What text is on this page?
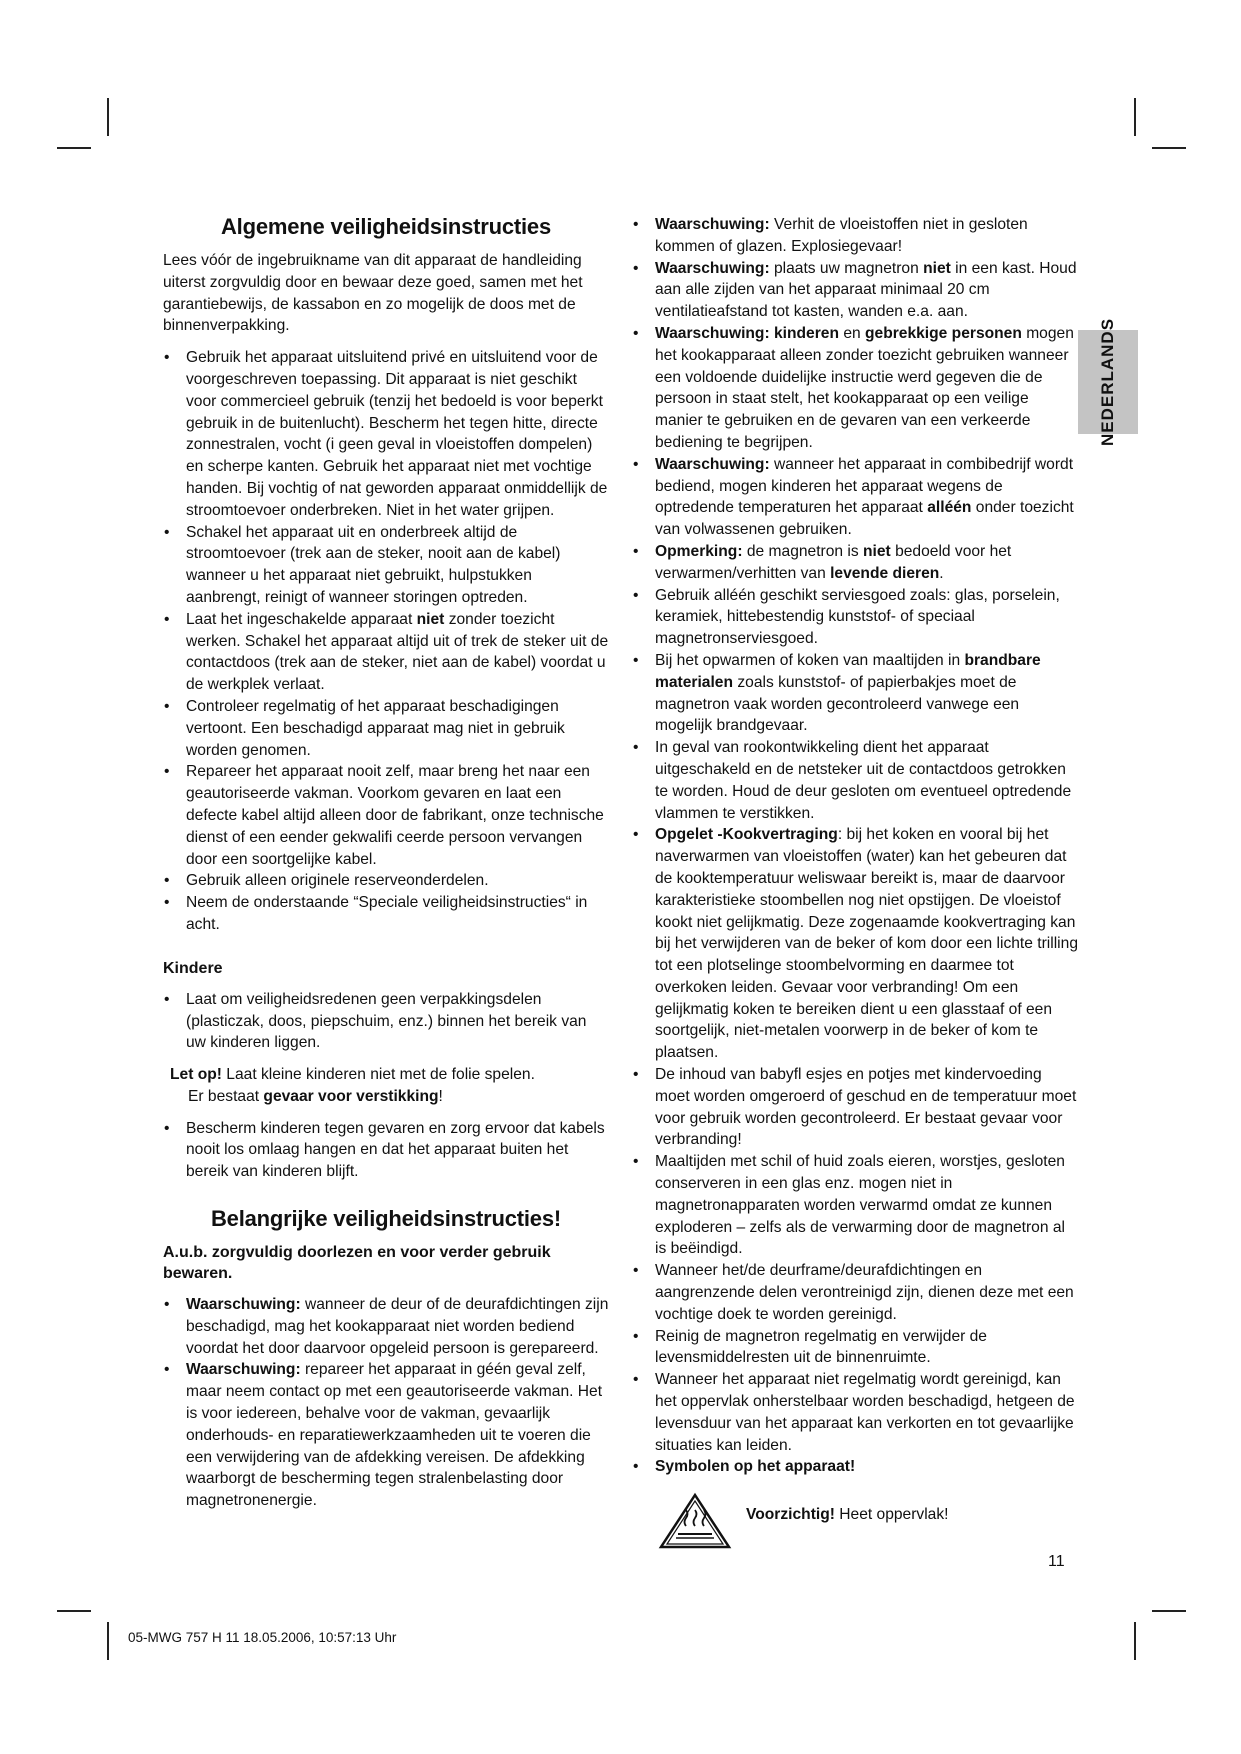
NEDERLANDS
Algemene veiligheidsinstructies

Lees vóór de ingebruikname van dit apparaat de handleiding uiterst zorgvuldig door en bewaar deze goed, samen met het garantiebewijs, de kassabon en zo mogelijk de doos met de binnenverpakking.

• Gebruik het apparaat uitsluitend privé en uitsluitend voor de voorgeschreven toepassing. Dit apparaat is niet geschikt voor commercieel gebruik (tenzij het bedoeld is voor beperkt gebruik in de buitenlucht). Bescherm het tegen hitte, directe zonnestralen, vocht (i geen geval in vloeistoffen dompelen) en scherpe kanten. Gebruik het apparaat niet met vochtige handen. Bij vochtig of nat geworden apparaat onmiddellijk de stroomtoevoer onderbreken. Niet in het water grijpen.
• Schakel het apparaat uit en onderbreek altijd de stroomtoevoer (trek aan de steker, nooit aan de kabel) wanneer u het apparaat niet gebruikt, hulpstukken aanbrengt, reinigt of wanneer storingen optreden.
• Laat het ingeschakelde apparaat niet zonder toezicht werken. Schakel het apparaat altijd uit of trek de steker uit de contactdoos (trek aan de steker, niet aan de kabel) voordat u de werkplek verlaat.
• Controleer regelmatig of het apparaat beschadigingen vertoont. Een beschadigd apparaat mag niet in gebruik worden genomen.
• Repareer het apparaat nooit zelf, maar breng het naar een geautoriseerde vakman. Voorkom gevaren en laat een defecte kabel altijd alleen door de fabrikant, onze technische dienst of een eender gekwalifi ceerde persoon vervangen door een soortgelijke kabel.
• Gebruik alleen originele reserveonderdelen.
• Neem de onderstaande “Speciale veiligheidsinstructies“ in acht.
Kindere
• Laat om veiligheidsredenen geen verpakkingsdelen (plasticzak, doos, piepschuim, enz.) binnen het bereik van uw kinderen liggen.

Let op! Laat kleine kinderen niet met de folie spelen.
Er bestaat gevaar voor verstikking!

• Bescherm kinderen tegen gevaren en zorg ervoor dat kabels nooit los omlaag hangen en dat het apparaat buiten het bereik van kinderen blijft.
Belangrijke veiligheidsinstructies!
A.u.b. zorgvuldig doorlezen en voor verder gebruik bewaren.
• Waarschuwing: wanneer de deur of de deurafdichtingen zijn beschadigd, mag het kookapparaat niet worden bediend voordat het door daarvoor opgeleid persoon is gerepareerd.
• Waarschuwing: repareer het apparaat in géén geval zelf, maar neem contact op met een geautoriseerde vakman. Het is voor iedereen, behalve voor de vakman, gevaarlijk onderhouds- en reparatiewerkzaamheden uit te voeren die een verwijdering van de afdekking vereisen. De afdekking waarborgt de bescherming tegen stralenbelasting door magnetronenergie.
• Waarschuwing: Verhit de vloeistoffen niet in gesloten kommen of glazen. Explosiegevaar!
• Waarschuwing: plaats uw magnetron niet in een kast. Houd aan alle zijden van het apparaat minimaal 20 cm ventilatieafstand tot kasten, wanden e.a. aan.
• Waarschuwing: kinderen en gebrekkige personen mogen het kookapparaat alleen zonder toezicht gebruiken wanneer een voldoende duidelijke instructie werd gegeven die de persoon in staat stelt, het kookapparaat op een veilige manier te gebruiken en de gevaren van een verkeerde bediening te begrijpen.
• Waarschuwing: wanneer het apparaat in combibedrijf wordt bediend, mogen kinderen het apparaat wegens de optredende temperaturen het apparaat alléén onder toezicht van volwassenen gebruiken.
• Opmerking: de magnetron is niet bedoeld voor het verwarmen/verhitten van levende dieren.
• Gebruik alléén geschikt serviesgoed zoals: glas, porselein, keramiek, hittebestendig kunststof- of speciaal magnetronserviesgoed.
• Bij het opwarmen of koken van maaltijden in brandbare materialen zoals kunststof- of papierbakjes moet de magnetron vaak worden gecontroleerd vanwege een mogelijk brandgevaar.
• In geval van rookontwikkeling dient het apparaat uitgeschakeld en de netsteker uit de contactdoos getrokken te worden. Houd de deur gesloten om eventueel optredende vlammen te verstikken.
• Opgelet -Kookvertraging: bij het koken en vooral bij het naverwarmen van vloeistoffen (water) kan het gebeuren dat de kooktemperatuur weliswaar bereikt is, maar de daarvoor karakteristieke stoombellen nog niet opstijgen. De vloeistof kookt niet gelijkmatig. Deze zogenaamde kookvertraging kan bij het verwijderen van de beker of kom door een lichte trilling tot een plotselinge stoombelvorming en daarmee tot overkoken leiden. Gevaar voor verbranding! Om een gelijkmatig koken te bereiken dient u een glasstaaf of een soortgelijk, niet-metalen voorwerp in de beker of kom te plaatsen.
• De inhoud van babyfl esjes en potjes met kindervoeding moet worden omgeroerd of geschud en de temperatuur moet voor gebruik worden gecontroleerd. Er bestaat gevaar voor verbranding!
• Maaltijden met schil of huid zoals eieren, worstjes, gesloten conserveren in een glas enz. mogen niet in magnetronapparaten worden verwarmd omdat ze kunnen exploderen – zelfs als de verwarming door de magnetron al is beëindigd.
• Wanneer het/de deurframe/deurafdichtingen en aangrenzende delen verontreinigd zijn, dienen deze met een vochtige doek te worden gereinigd.
• Reinig de magnetron regelmatig en verwijder de levensmiddelresten uit de binnenruimte.
• Wanneer het apparaat niet regelmatig wordt gereinigd, kan het oppervlak onherstelbaar worden beschadigd, hetgeen de levensduur van het apparaat kan verkorten en tot gevaarlijke situaties kan leiden.
• Symbolen op het apparaat!
Voorzichtig! Heet oppervlak!
11
05-MWG 757 H 11 18.05.2006, 10:57:13 Uhr
